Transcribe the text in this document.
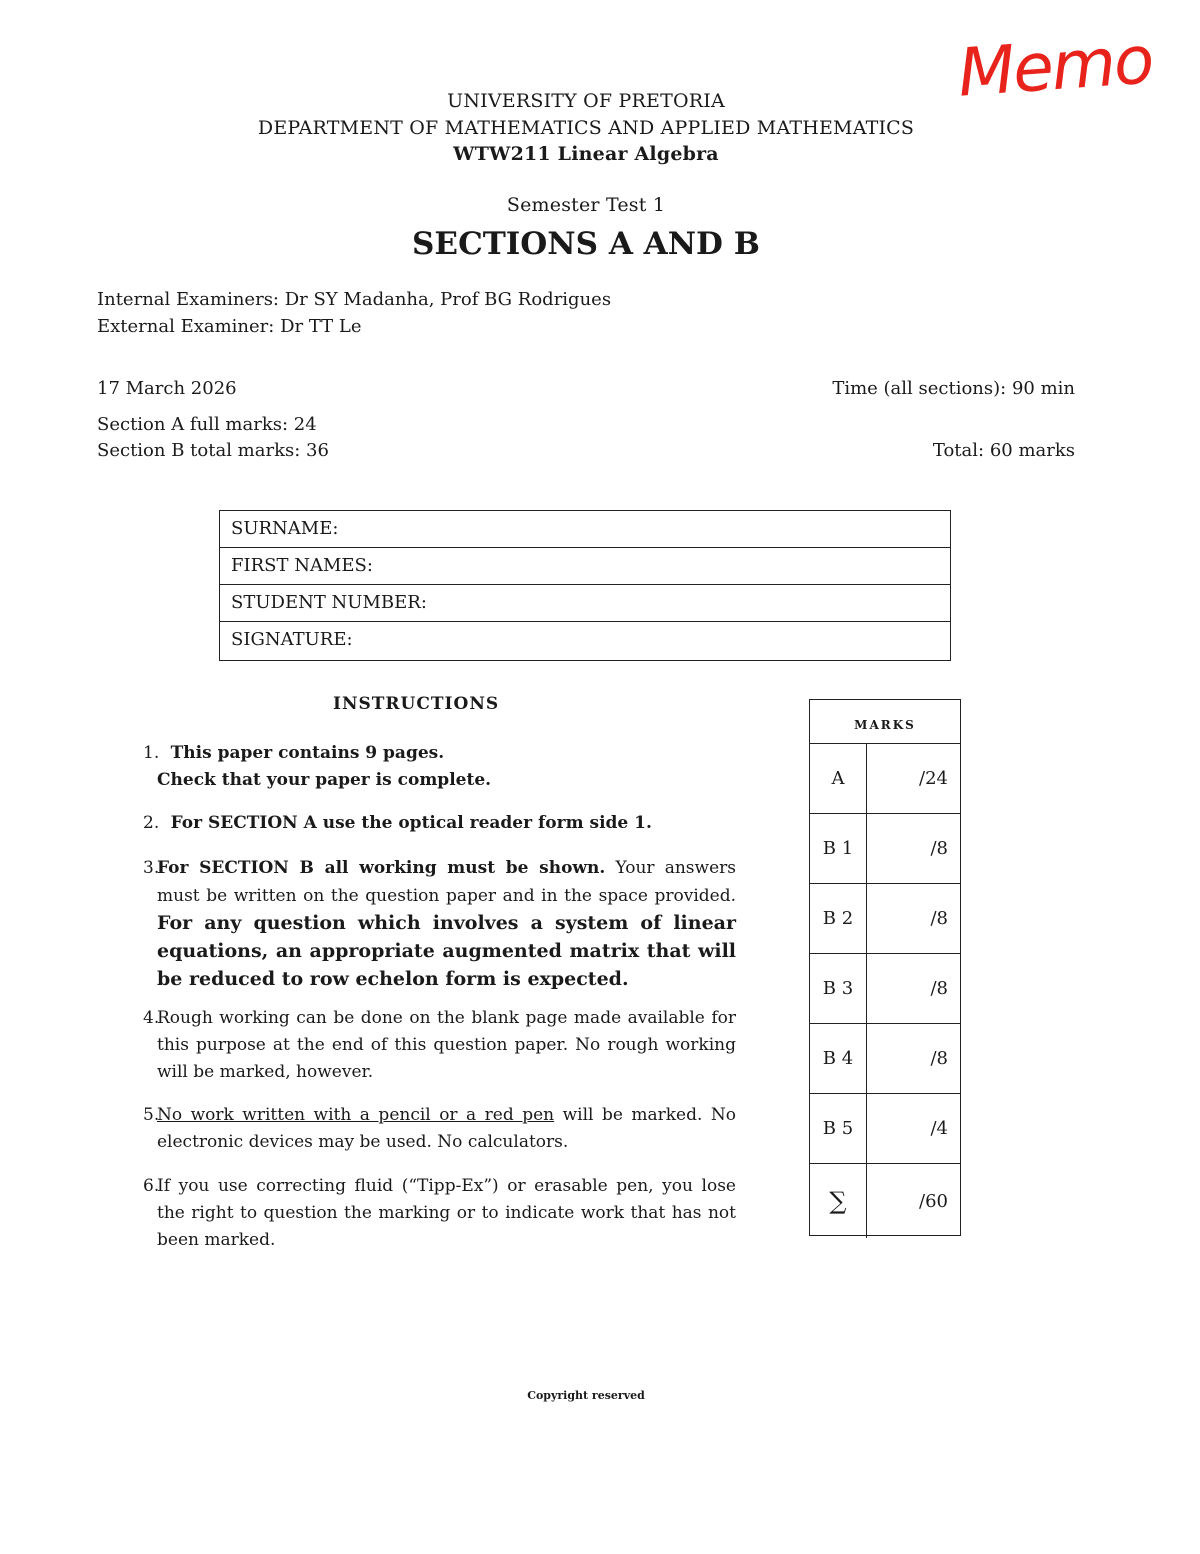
Memo
UNIVERSITY OF PRETORIA
DEPARTMENT OF MATHEMATICS AND APPLIED MATHEMATICS
WTW211 Linear Algebra
Semester Test 1
SECTIONS A AND B
Internal Examiners: Dr SY Madanha, Prof BG Rodrigues
External Examiner: Dr TT Le
17 March 2026	Time (all sections): 90 min
Section A full marks: 24
Section B total marks: 36	Total: 60 marks
SURNAME:
FIRST NAMES:
STUDENT NUMBER:
SIGNATURE:
INSTRUCTIONS
1. This paper contains 9 pages.
Check that your paper is complete.
2. For SECTION A use the optical reader form side 1.
3.
For SECTION B all working must be shown. Your answers must be written on the question paper and in the space provided. For any question which involves a system of linear equations, an appropriate augmented matrix that will be reduced to row echelon form is expected.
4.
Rough working can be done on the blank page made available for this purpose at the end of this question paper. No rough working will be marked, however.
5.
No work written with a pencil or a red pen will be marked. No electronic devices may be used. No calculators.
6.
If you use correcting fluid (“Tipp-Ex”) or erasable pen, you lose the right to question the marking or to indicate work that has not been marked.
MARKS
A	/24
B 1	/8
B 2	/8
B 3	/8
B 4	/8
B 5	/4
∑	/60
Copyright reserved
